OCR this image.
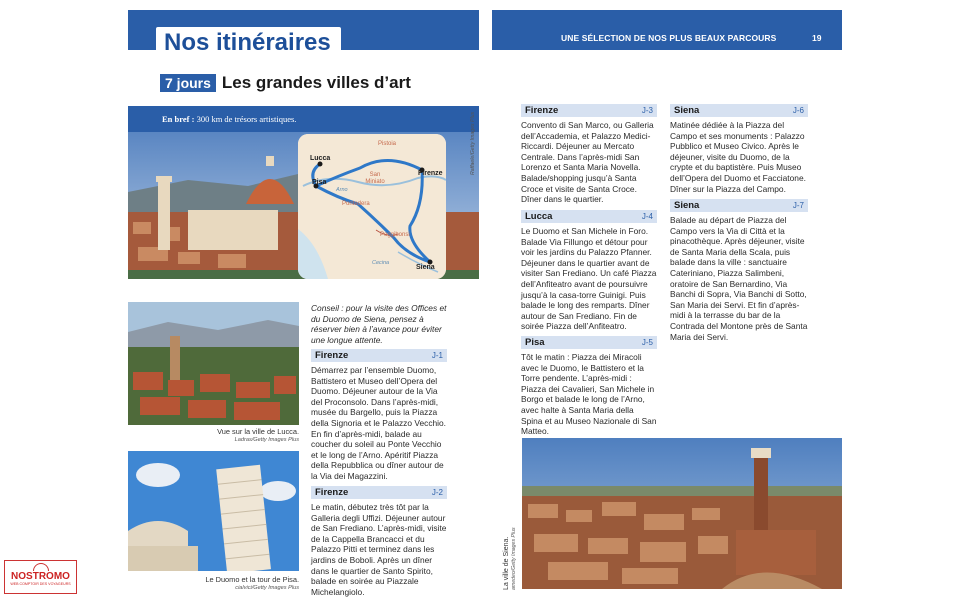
Nos itinéraires
7 jours Les grandes villes d’art
En bref : 300 km de trésors artistiques.	Raffaele/Getty Images Plus
Lucca
Pisa
Firenze
Siena
Pistoia
Arno
San Miniato
Pontedera
Poggibonsi
Cecina
Vue sur la ville de Lucca.
Ladras/Getty Images Plus
Le Duomo et la tour de Pisa.
cialvici/Getty Images Plus
Conseil : pour la visite des Offices et du Duomo de Siena, pensez à réserver bien à l’avance pour éviter une longue attente.
Firenze	J-1
Démarrez par l’ensemble Duomo, Battistero et Museo dell’Opera del Duomo. Déjeuner autour de la Via del Proconsolo. Dans l’après-midi, musée du Bargello, puis la Piazza della Signoria et le Palazzo Vecchio. En fin d’après-midi, balade au coucher du soleil au Ponte Vecchio et le long de l’Arno. Apéritif Piazza della Repubblica ou dîner autour de la Via dei Magazzini.
Firenze	J-2
Le matin, débutez très tôt par la Galleria degli Uffizi. Déjeuner autour de San Frediano. L’après-midi, visite de la Cappella Brancacci et du Palazzo Pitti et terminez dans les jardins de Boboli. Après un dîner dans le quartier de Santo Spirito, balade en soirée au Piazzale Michelangiolo.
NOSTROMO
WEB COMPTOIR DES VOYAGEURS
UNE SÉLECTION DE NOS PLUS BEAUX PARCOURS	19
Firenze	J-3
Convento di San Marco, ou Galleria dell’Accademia, et Palazzo Medici-Riccardi. Déjeuner au Mercato Centrale. Dans l’après-midi San Lorenzo et Santa Maria Novella. Balade/shopping jusqu’à Santa Croce et visite de Santa Croce. Dîner dans le quartier.
Lucca	J-4
Le Duomo et San Michele in Foro. Balade Via Fillungo et détour pour voir les jardins du Palazzo Pfanner. Déjeuner dans le quartier avant de visiter San Frediano. Un café Piazza dell’Anfiteatro avant de poursuivre jusqu’à la casa-torre Guinigi. Puis balade le long des remparts. Dîner autour de San Frediano. Fin de soirée Piazza dell’Anfiteatro.
Pisa	J-5
Tôt le matin : Piazza dei Miracoli avec le Duomo, le Battistero et la Torre pendente. L’après-midi : Piazza dei Cavalieri, San Michele in Borgo et balade le long de l’Arno, avec halte à Santa Maria della Spina et au Museo Nazionale di San Matteo.
Siena	J-6
Matinée dédiée à la Piazza del Campo et ses monuments : Palazzo Pubblico et Museo Civico. Après le déjeuner, visite du Duomo, de la crypte et du baptistère. Puis Museo dell’Opera del Duomo et Facciatone. Dîner sur la Piazza del Campo.
Siena	J-7
Balade au départ de Piazza del Campo vers la Via di Città et la pinacothèque. Après déjeuner, visite de Santa Maria della Scala, puis balade dans la ville : sanctuaire Cateriniano, Piazza Salimbeni, oratoire de San Bernardino, Via Banchi di Sopra, Via Banchi di Sotto, San Maria dei Servi. Et fin d’après-midi à la terrasse du bar de la Contrada del Montone près de Santa Maria dei Servi.
La ville de Siena. amedeo/Getty Images Plus
